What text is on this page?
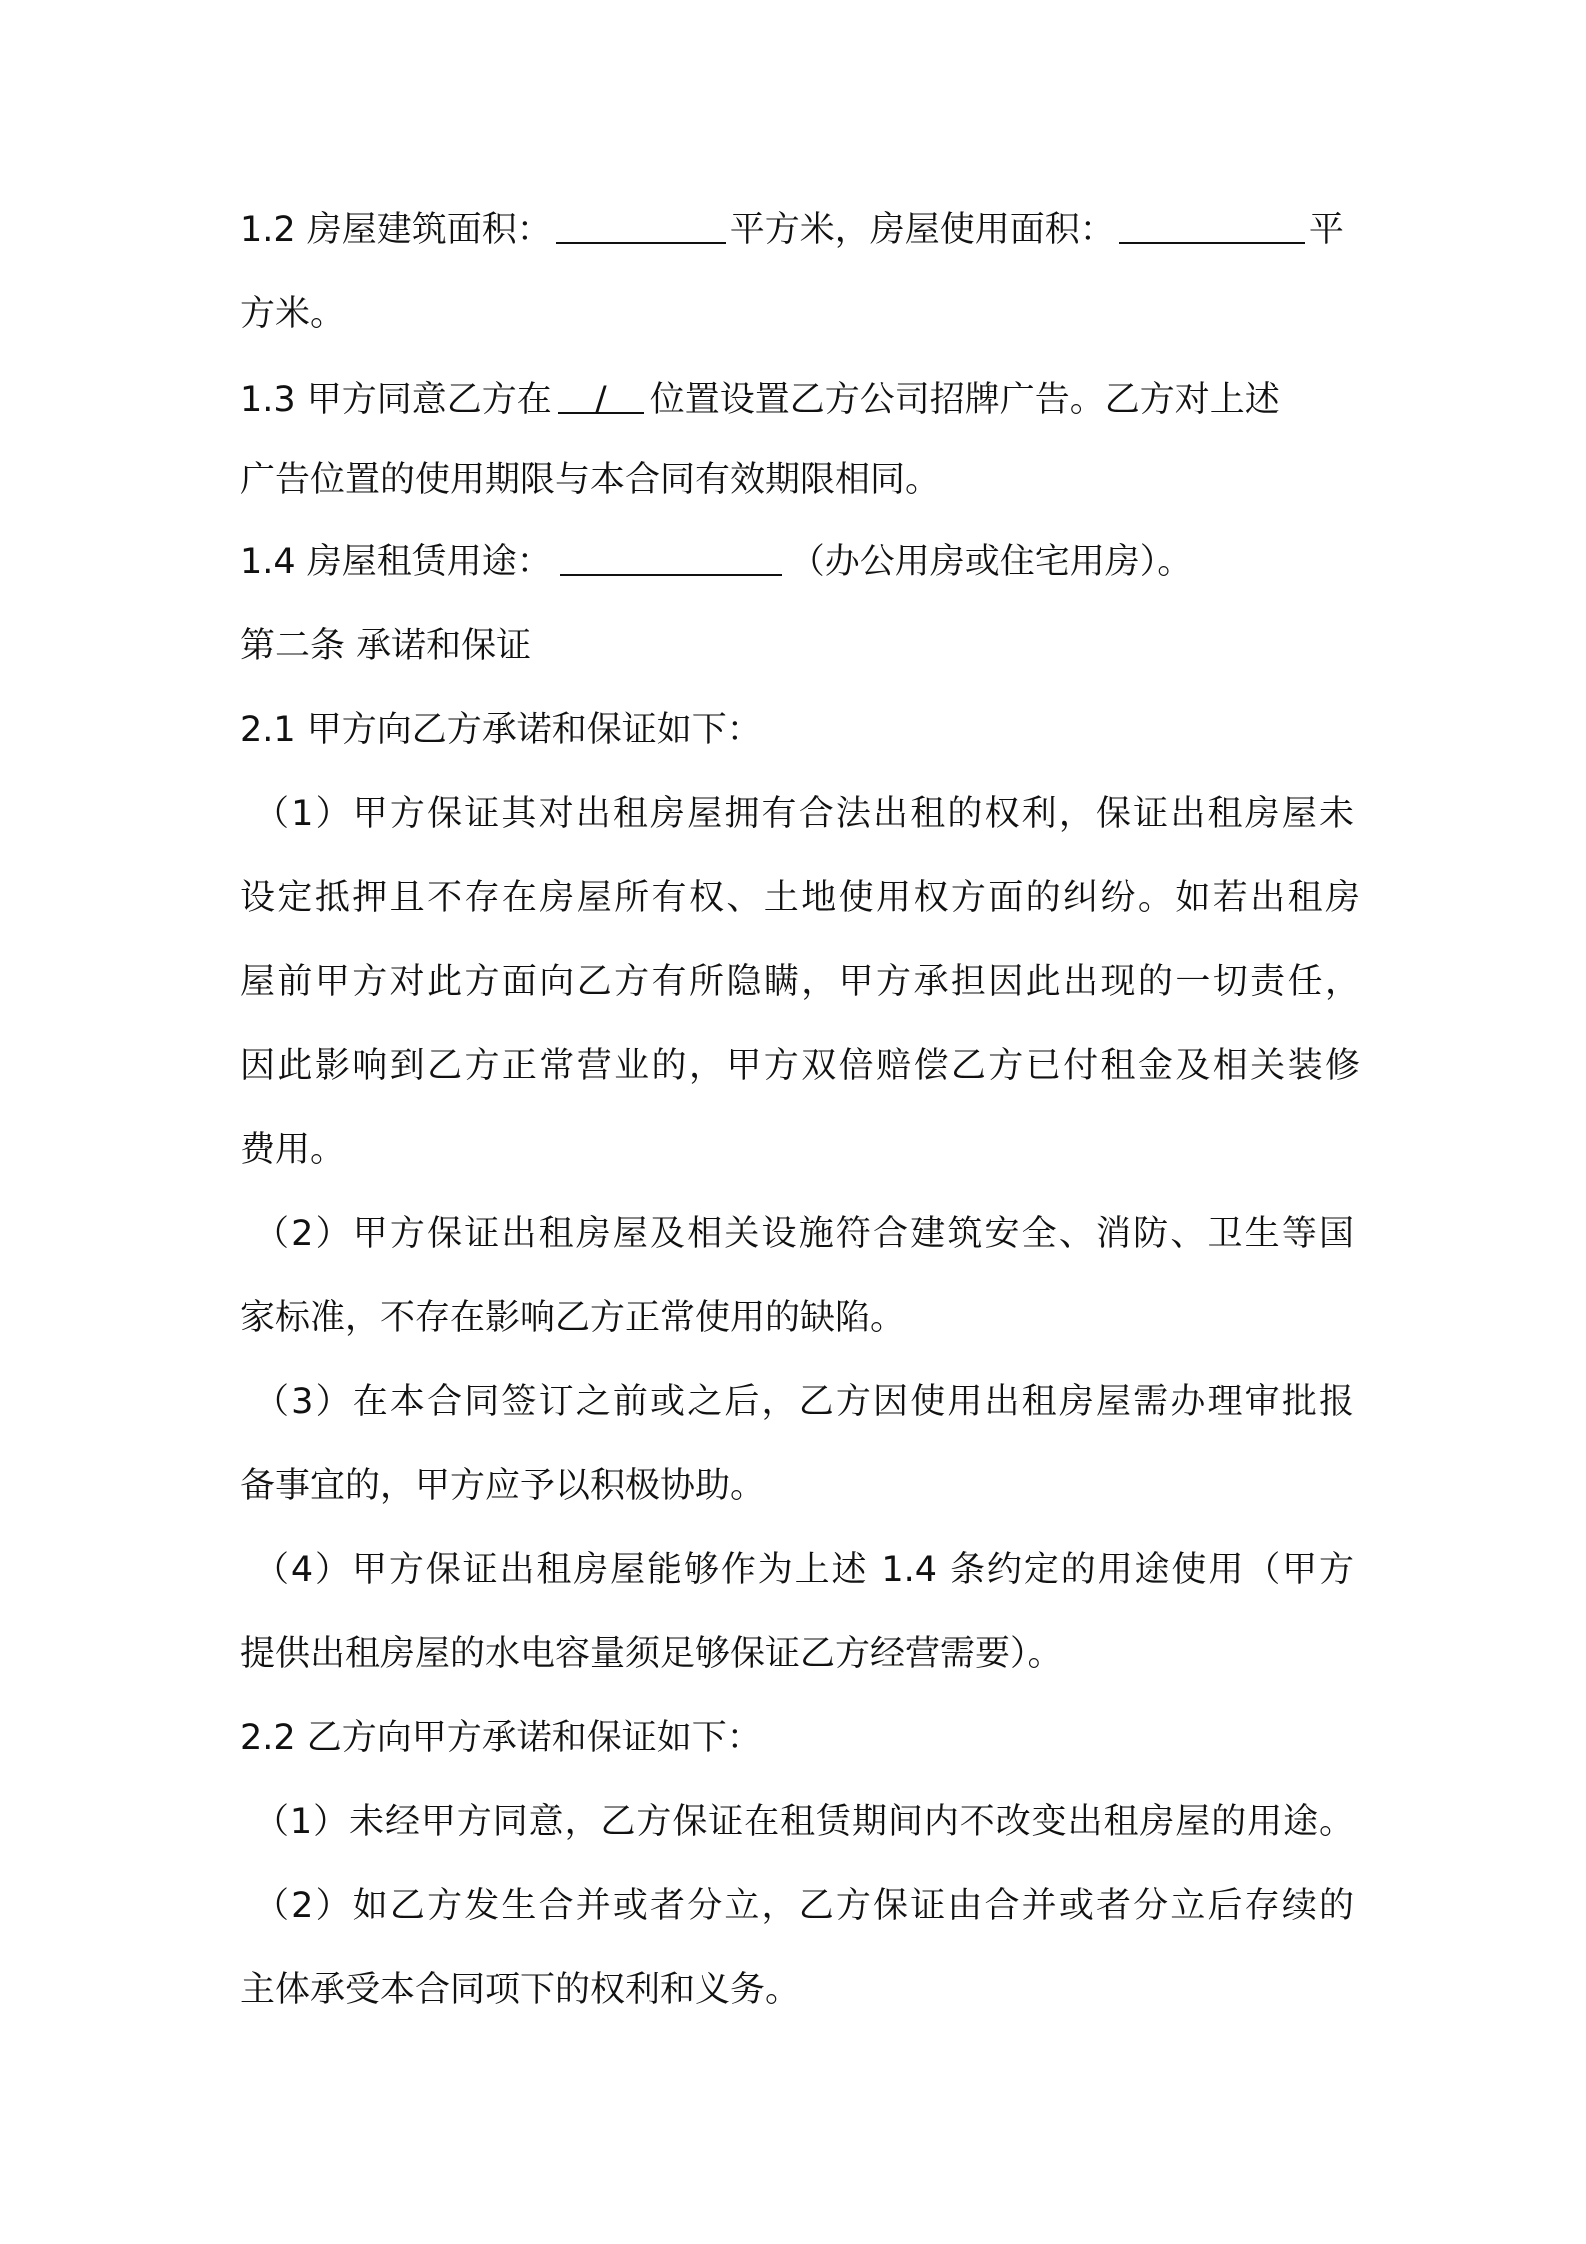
1.2 房屋建筑面积：	平方米，房屋使用面积：	平
方米。
1.3 甲方同意乙方在 / 位置设置乙方公司招牌广告。乙方对上述
广告位置的使用期限与本合同有效期限相同。
1.4 房屋租赁用途：	（办公用房或住宅用房）。
第二条 承诺和保证
2.1 甲方向乙方承诺和保证如下：
（1）甲方保证其对出租房屋拥有合法出租的权利，保证出租房屋未
设定抵押且不存在房屋所有权、土地使用权方面的纠纷。如若出租房
屋前甲方对此方面向乙方有所隐瞒，甲方承担因此出现的一切责任，
因此影响到乙方正常营业的，甲方双倍赔偿乙方已付租金及相关装修
费用。
（2）甲方保证出租房屋及相关设施符合建筑安全、消防、卫生等国
家标准，不存在影响乙方正常使用的缺陷。
（3）在本合同签订之前或之后，乙方因使用出租房屋需办理审批报
备事宜的，甲方应予以积极协助。
（4）甲方保证出租房屋能够作为上述 1.4 条约定的用途使用（甲方
提供出租房屋的水电容量须足够保证乙方经营需要）。
2.2 乙方向甲方承诺和保证如下：
（1）未经甲方同意，乙方保证在租赁期间内不改变出租房屋的用途。
（2）如乙方发生合并或者分立，乙方保证由合并或者分立后存续的
主体承受本合同项下的权利和义务。
